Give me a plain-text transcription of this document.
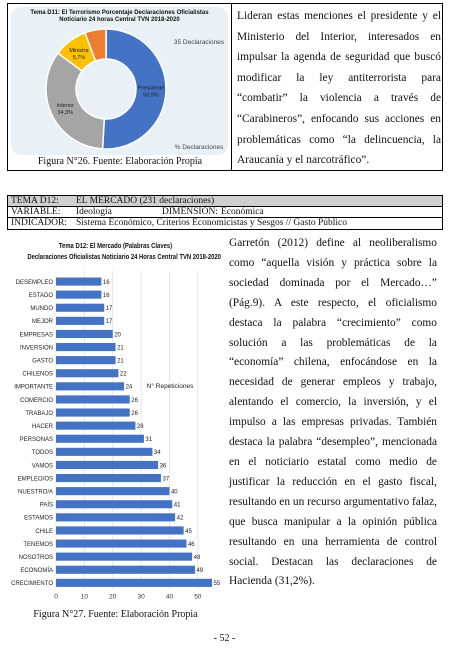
Presidente
50,9%
Interior
34,3%
Ministra
5,7%
35 Declaraciones
% Declaraciones
Tema D11: El Terrorismo Porcentaje Declaraciones Oficialistas
Noticiario 24 horas Central TVN 2018-2020
Figura N°26. Fuente: Elaboración Propia
Lideran estas menciones el presidente y el Ministerio del Interior, interesados en impulsar la agenda de seguridad que buscó modificar la ley antiterrorista para “combatir” la violencia a través de “Carabineros”, enfocando sus acciones en problemáticas como “la delincuencia, la Araucanía y el narcotráfico”.
TEMA D12: EL MERCADO (231 declaraciones)
VARIABLE: Ideología	DIMENSIÓN: Económica
INDICADOR: Sistema Económico, Criterios Economicistas y Sesgos // Gasto Público
Tema D12: El Mercado (Palabras Claves)
Declaraciones Oficialistas Noticiario 24 Horas Central TVN 2018-2020
0	10	20	30	40	50
DESEMPLEO	16
ESTADO	16
MUNDO	17
MEJOR	17
EMPRESAS	20
INVERSIÓN	21
GASTO	21
CHILENOS	22
IMPORTANTE	24
COMERCIO	26
TRABAJO	26
HACER	28
PERSONAS	31
TODOS	34
VAMOS	36
EMPLEO/OS	37
NUESTRO/A	40
PAÍS	41
ESTAMOS	42
CHILE	45
TENEMOS	46
NOSOTROS	48
ECONOMÍA	49
CRECIMIENTO	55
N° Repeticiones
Figura N°27. Fuente: Elaboración Propia
Garretón (2012) define al neoliberalismo como “aquella visión y práctica sobre la sociedad dominada por el Mercado…” (Pág.9). A este respecto, el oficialismo destaca la palabra “crecimiento” como solución a las problemáticas de la “economía” chilena, enfocándose en la necesidad de generar empleos y trabajo, alentando el comercio, la inversión, y el impulso a las empresas privadas. También destaca la palabra “desempleo”, mencionada en el noticiario estatal como medio de justificar la reducción en el gasto fiscal, resultando en un recurso argumentativo falaz, que busca manipular a la opinión pública resultando en una herramienta de control social. Destacan las declaraciones de Hacienda (31,2%).
- 52 -
